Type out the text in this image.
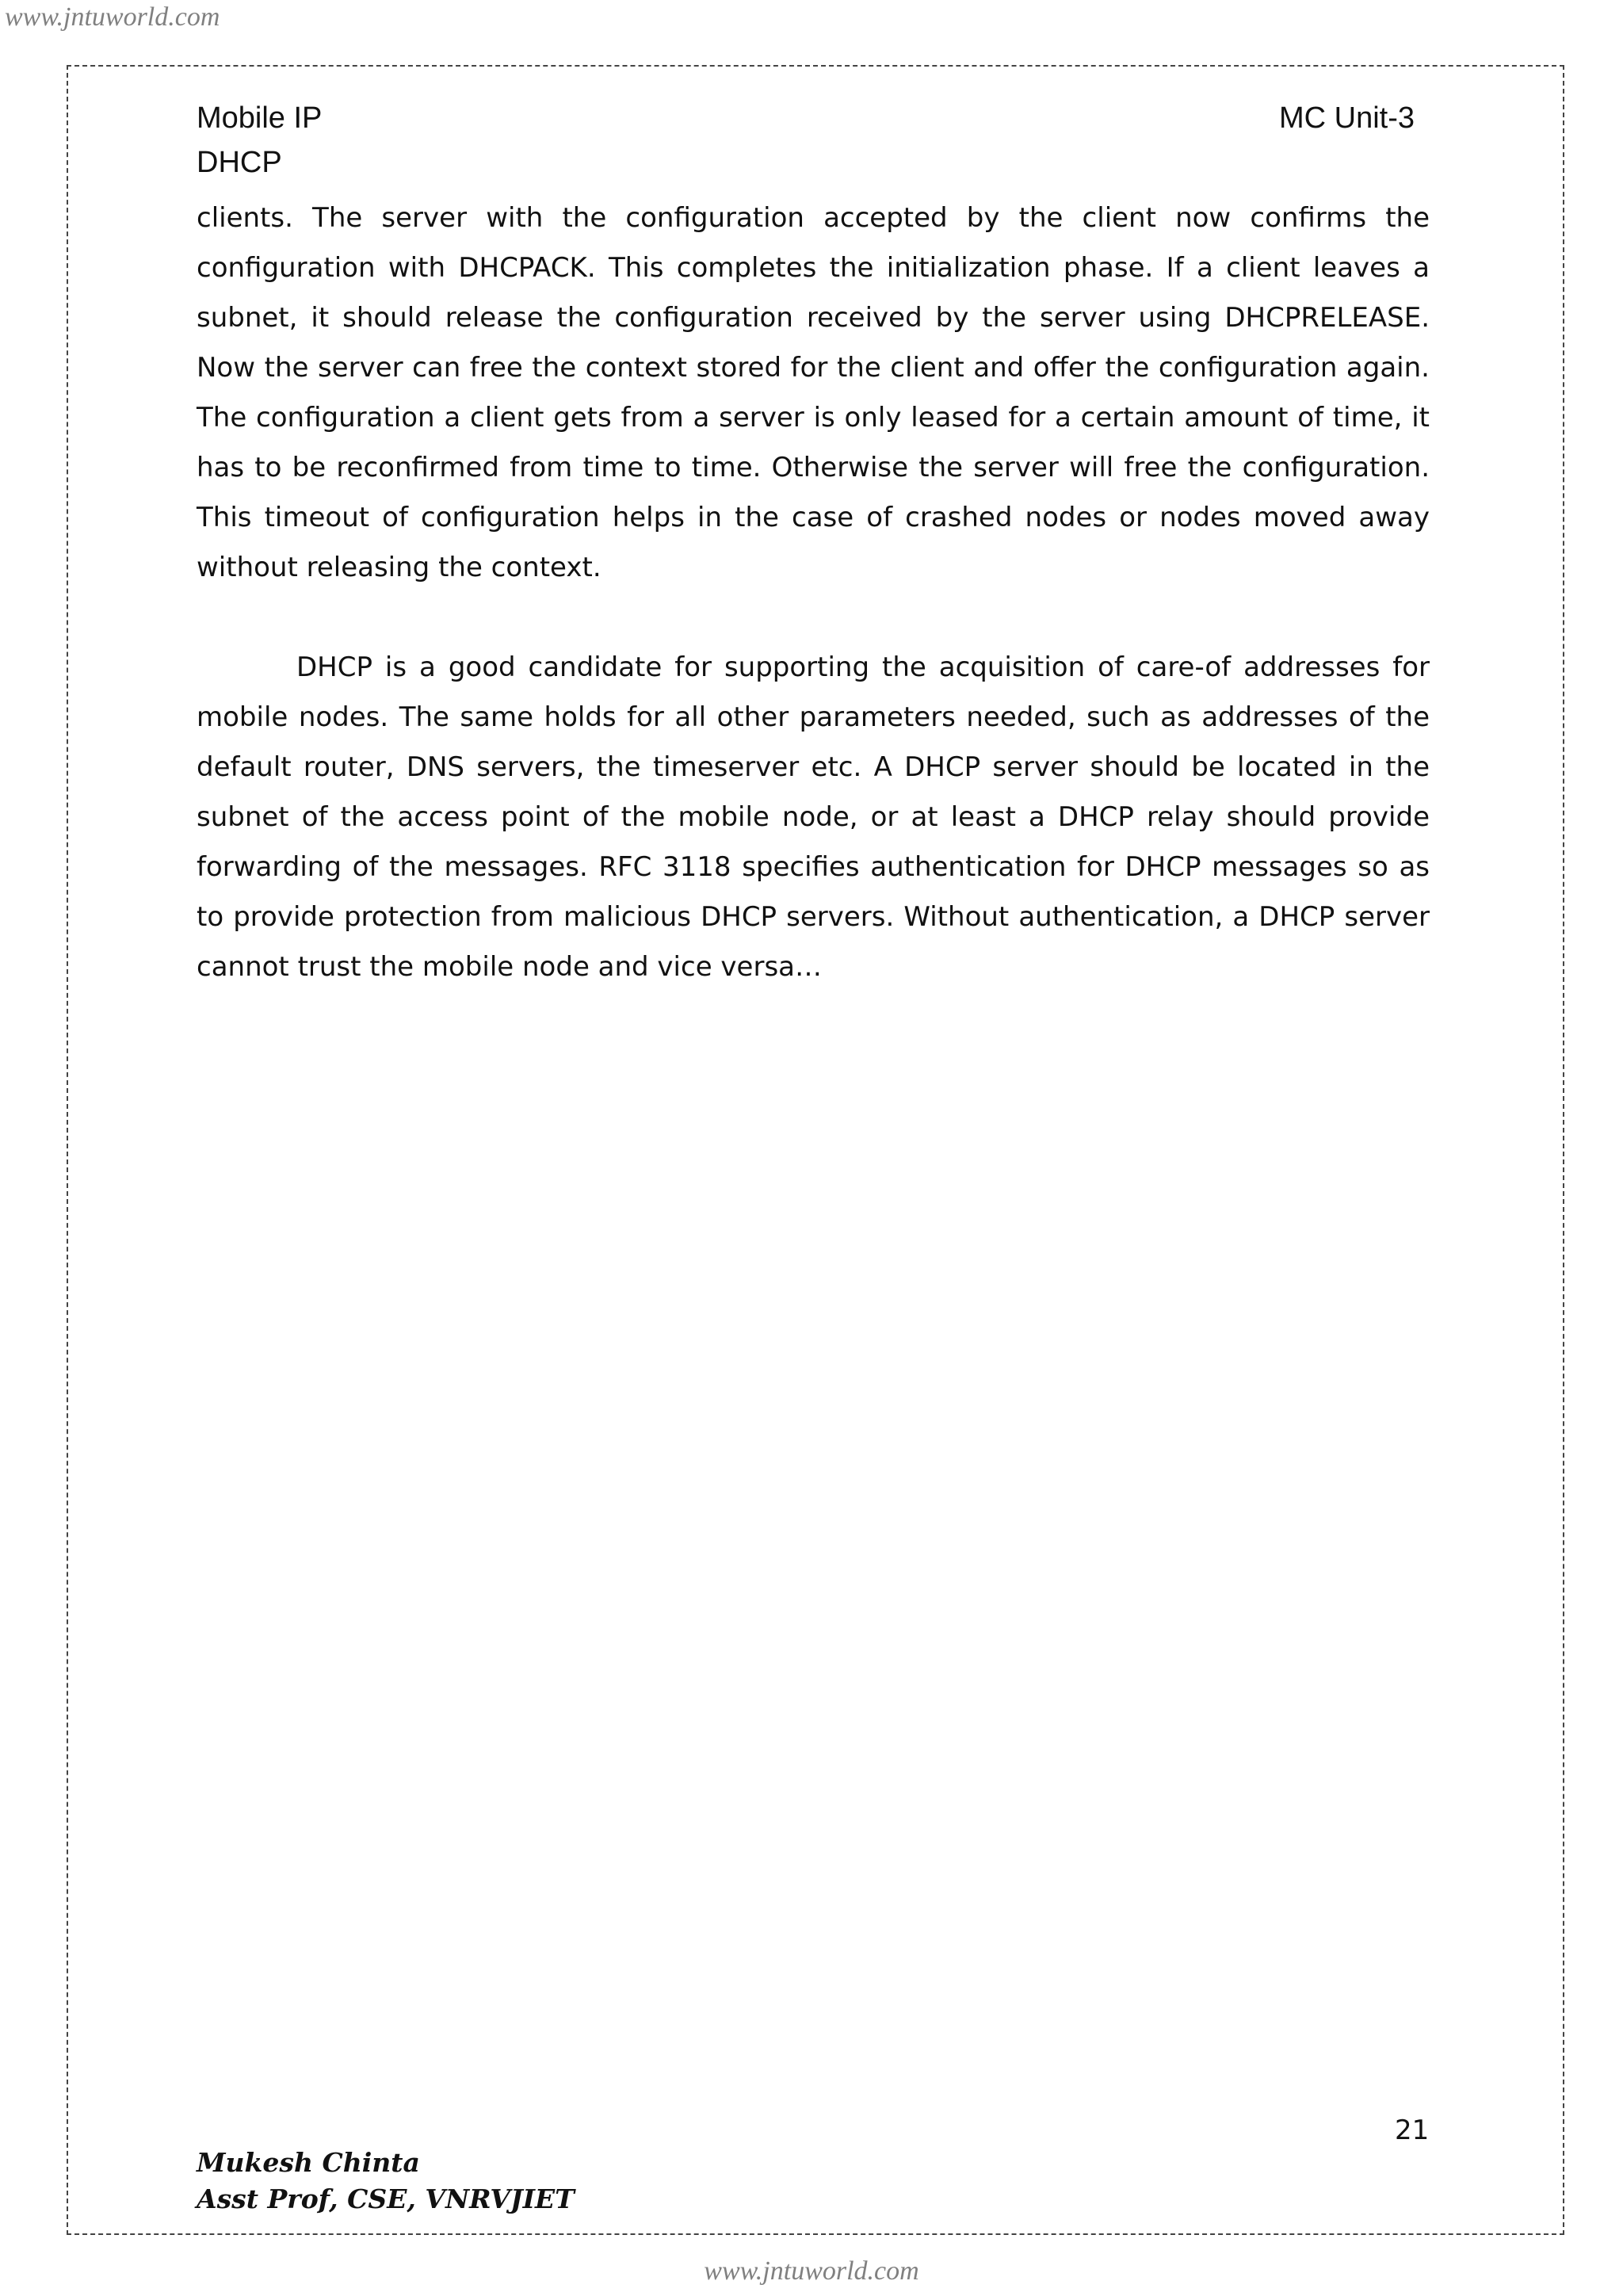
www.jntuworld.com
Mobile IP	MC Unit-3
DHCP

clients. The server with the configuration accepted by the client now confirms the configuration with DHCPACK. This completes the initialization phase. If a client leaves a subnet, it should release the configuration received by the server using DHCPRELEASE. Now the server can free the context stored for the client and offer the configuration again. The configuration a client gets from a server is only leased for a certain amount of time, it has to be reconfirmed from time to time. Otherwise the server will free the configuration. This timeout of configuration helps in the case of crashed nodes or nodes moved away without releasing the context.

DHCP is a good candidate for supporting the acquisition of care-of addresses for mobile nodes. The same holds for all other parameters needed, such as addresses of the default router, DNS servers, the timeserver etc. A DHCP server should be located in the subnet of the access point of the mobile node, or at least a DHCP relay should provide forwarding of the messages. RFC 3118 specifies authentication for DHCP messages so as to provide protection from malicious DHCP servers. Without authentication, a DHCP server cannot trust the mobile node and vice versa…

21
Mukesh Chinta
Asst Prof, CSE, VNRVJIET
www.jntuworld.com
